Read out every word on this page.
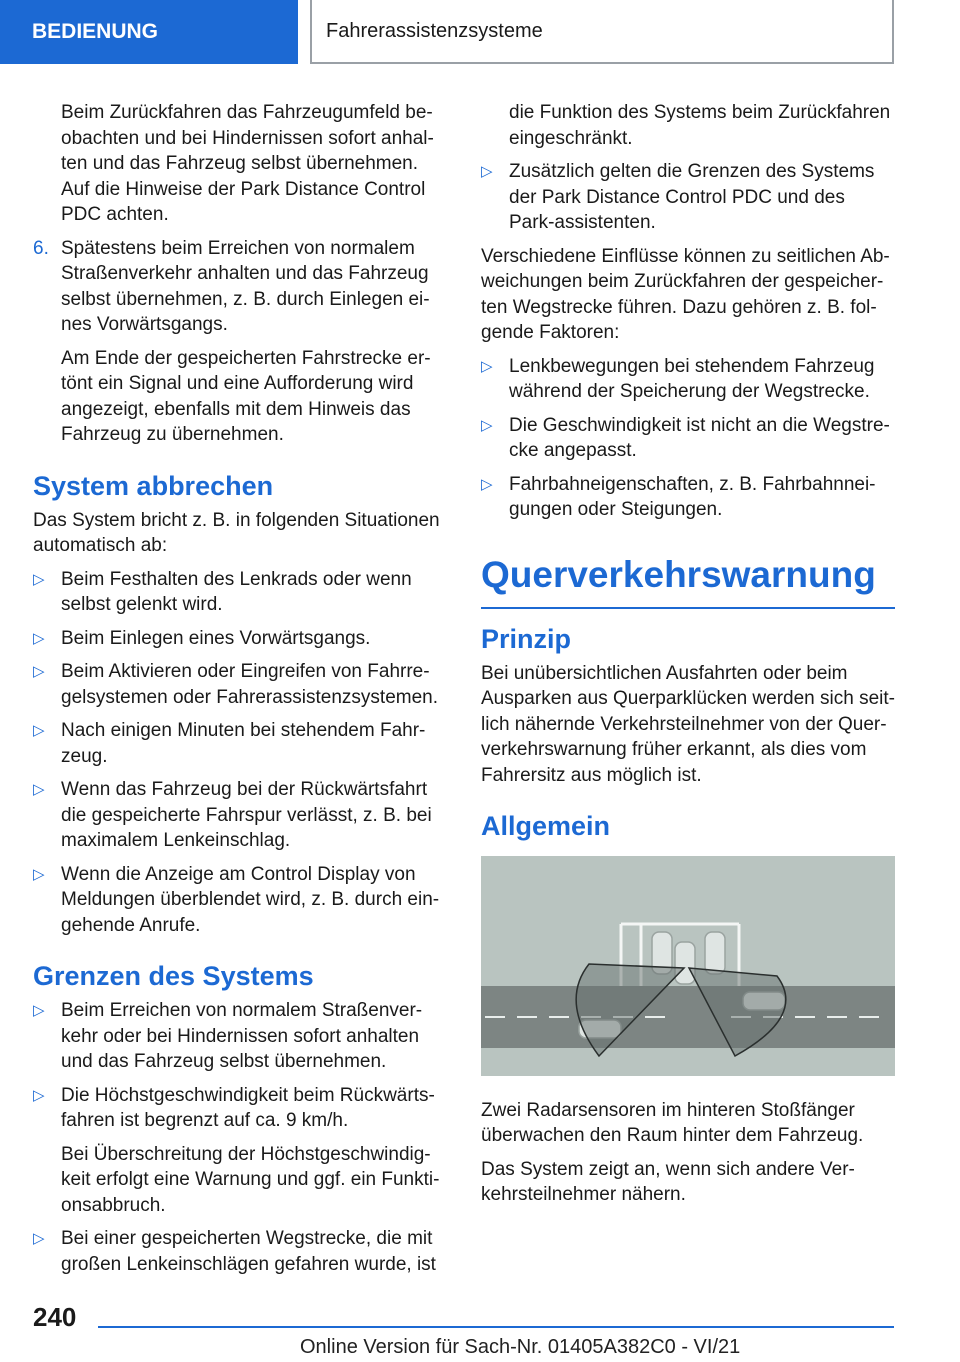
BEDIENUNG	Fahrerassistenzsysteme

Beim Zurückfahren das Fahrzeugumfeld be-obachten und bei Hindernissen sofort anhal-ten und das Fahrzeug selbst übernehmen. Auf die Hinweise der Park Distance Control PDC achten.

6. Spätestens beim Erreichen von normalem Straßenverkehr anhalten und das Fahrzeug selbst übernehmen, z. B. durch Einlegen ei-nes Vorwärtsgangs.

Am Ende der gespeicherten Fahrstrecke er-tönt ein Signal und eine Aufforderung wird angezeigt, ebenfalls mit dem Hinweis das Fahrzeug zu übernehmen.

System abbrechen

Das System bricht z. B. in folgenden Situationen automatisch ab:

▷ Beim Festhalten des Lenkrads oder wenn selbst gelenkt wird.
▷ Beim Einlegen eines Vorwärtsgangs.
▷ Beim Aktivieren oder Eingreifen von Fahrre-gelsystemen oder Fahrerassistenzsystemen.
▷ Nach einigen Minuten bei stehendem Fahr-zeug.
▷ Wenn das Fahrzeug bei der Rückwärtsfahrt die gespeicherte Fahrspur verlässt, z. B. bei maximalem Lenkeinschlag.
▷ Wenn die Anzeige am Control Display von Meldungen überblendet wird, z. B. durch ein-gehende Anrufe.
Grenzen des Systems
▷ Beim Erreichen von normalem Straßenver-kehr oder bei Hindernissen sofort anhalten und das Fahrzeug selbst übernehmen.
▷ Die Höchstgeschwindigkeit beim Rückwärts-fahren ist begrenzt auf ca. 9 km/h.

Bei Überschreitung der Höchstgeschwindig-keit erfolgt eine Warnung und ggf. ein Funkti-onsabbruch.

▷ Bei einer gespeicherten Wegstrecke, die mit großen Lenkeinschlägen gefahren wurde, ist

die Funktion des Systems beim Zurückfahren eingeschränkt.

▷ Zusätzlich gelten die Grenzen des Systems der Park Distance Control PDC und des Park-assistenten.

Verschiedene Einflüsse können zu seitlichen Ab-weichungen beim Zurückfahren der gespeicher-ten Wegstrecke führen. Dazu gehören z. B. fol-gende Faktoren:

▷ Lenkbewegungen bei stehendem Fahrzeug während der Speicherung der Wegstrecke.
▷ Die Geschwindigkeit ist nicht an die Wegstre-cke angepasst.
▷ Fahrbahneigenschaften, z. B. Fahrbahnnei-gungen oder Steigungen.
Querverkehrswarnung
Prinzip

Bei unübersichtlichen Ausfahrten oder beim Ausparken aus Querparklücken werden sich seit-lich nähernde Verkehrsteilnehmer von der Quer-verkehrswarnung früher erkannt, als dies vom Fahrersitz aus möglich ist.

Allgemein

Zwei Radarsensoren im hinteren Stoßfänger überwachen den Raum hinter dem Fahrzeug.

Das System zeigt an, wenn sich andere Ver-kehrsteilnehmer nähern.

240
Online Version für Sach-Nr. 01405A382C0 - VI/21
